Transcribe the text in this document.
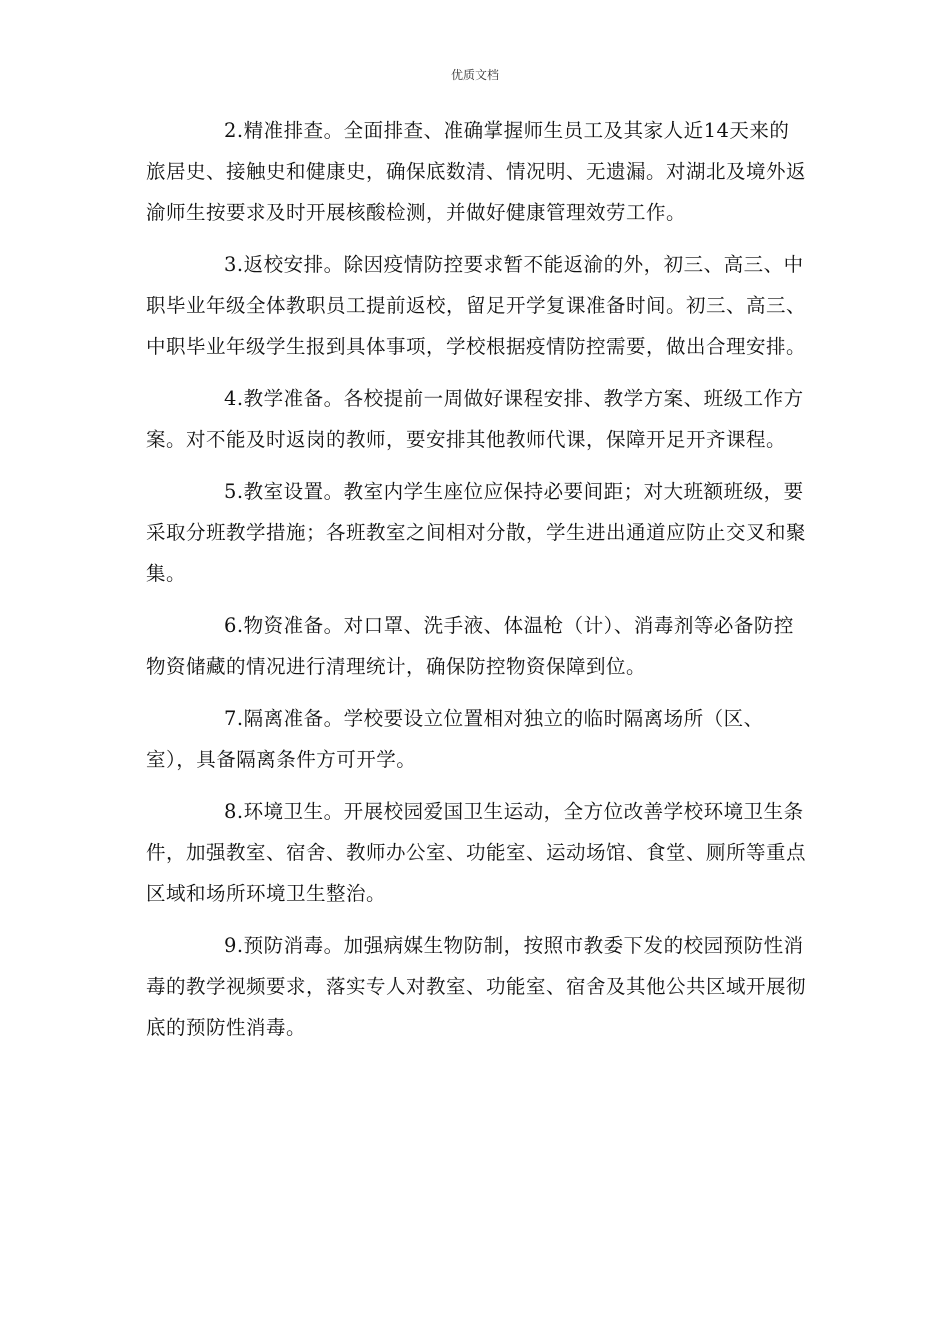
优质文档

2.精准排查。全面排查、准确掌握师生员工及其家人近14天来的旅居史、接触史和健康史，确保底数清、情况明、无遗漏。对湖北及境外返渝师生按要求及时开展核酸检测，并做好健康管理效劳工作。

3.返校安排。除因疫情防控要求暂不能返渝的外，初三、高三、中职毕业年级全体教职员工提前返校，留足开学复课准备时间。初三、高三、中职毕业年级学生报到具体事项，学校根据疫情防控需要，做出合理安排。

4.教学准备。各校提前一周做好课程安排、教学方案、班级工作方案。对不能及时返岗的教师，要安排其他教师代课，保障开足开齐课程。

5.教室设置。教室内学生座位应保持必要间距；对大班额班级，要采取分班教学措施；各班教室之间相对分散，学生进出通道应防止交叉和聚集。

6.物资准备。对口罩、洗手液、体温枪（计）、消毒剂等必备防控物资储藏的情况进行清理统计，确保防控物资保障到位。

7.隔离准备。学校要设立位置相对独立的临时隔离场所（区、室），具备隔离条件方可开学。

8.环境卫生。开展校园爱国卫生运动，全方位改善学校环境卫生条件，加强教室、宿舍、教师办公室、功能室、运动场馆、食堂、厕所等重点区域和场所环境卫生整治。

9.预防消毒。加强病媒生物防制，按照市教委下发的校园预防性消毒的教学视频要求，落实专人对教室、功能室、宿舍及其他公共区域开展彻底的预防性消毒。
